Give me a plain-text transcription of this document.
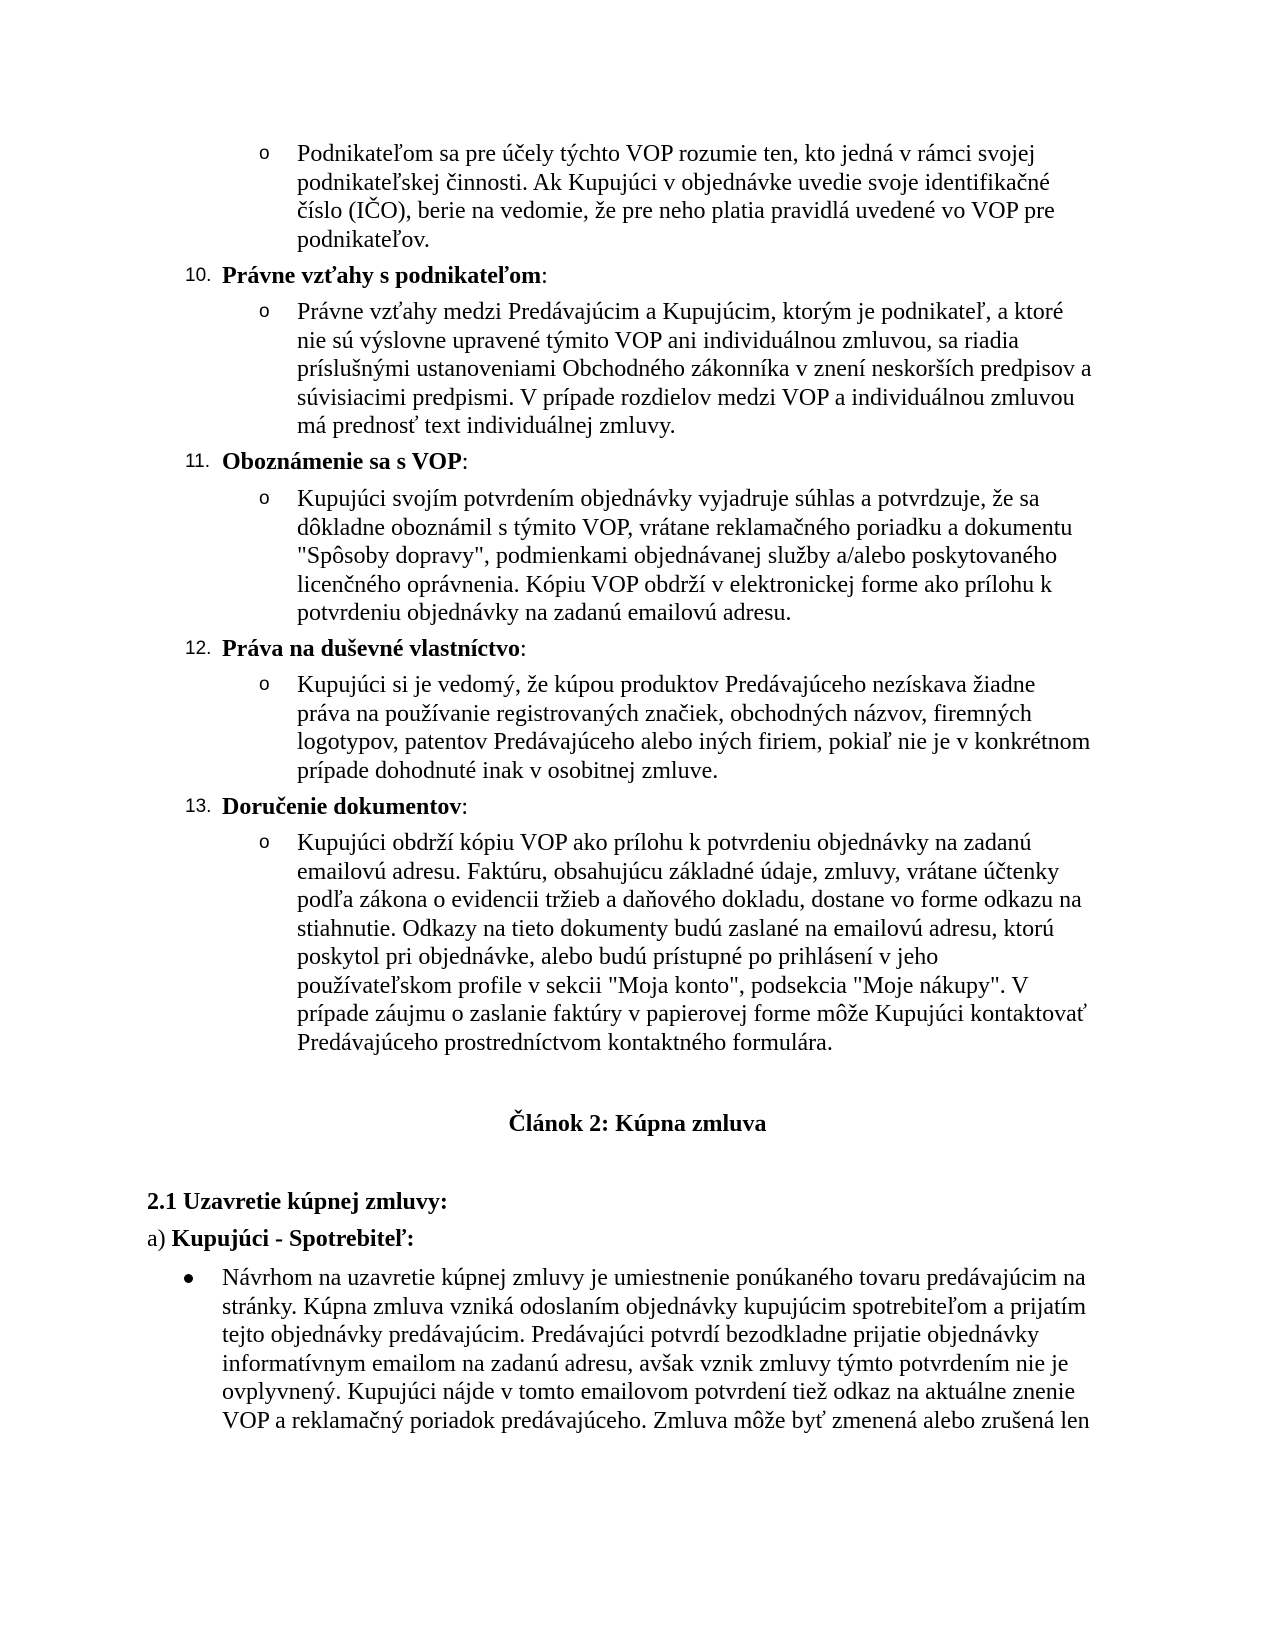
o Podnikateľom sa pre účely týchto VOP rozumie ten, kto jedná v rámci svojej
podnikateľskej činnosti. Ak Kupujúci v objednávke uvedie svoje identifikačné
číslo (IČO), berie na vedomie, že pre neho platia pravidlá uvedené vo VOP pre
podnikateľov.
10. Právne vzťahy s podnikateľom:
o Právne vzťahy medzi Predávajúcim a Kupujúcim, ktorým je podnikateľ, a ktoré
nie sú výslovne upravené týmito VOP ani individuálnou zmluvou, sa riadia
príslušnými ustanoveniami Obchodného zákonníka v znení neskorších predpisov a
súvisiacimi predpismi. V prípade rozdielov medzi VOP a individuálnou zmluvou
má prednosť text individuálnej zmluvy.
11. Oboznámenie sa s VOP:
o Kupujúci svojím potvrdením objednávky vyjadruje súhlas a potvrdzuje, že sa
dôkladne oboznámil s týmito VOP, vrátane reklamačného poriadku a dokumentu
"Spôsoby dopravy", podmienkami objednávanej služby a/alebo poskytovaného
licenčného oprávnenia. Kópiu VOP obdrží v elektronickej forme ako prílohu k
potvrdeniu objednávky na zadanú emailovú adresu.
12. Práva na duševné vlastníctvo:
o Kupujúci si je vedomý, že kúpou produktov Predávajúceho nezískava žiadne
práva na používanie registrovaných značiek, obchodných názvov, firemných
logotypov, patentov Predávajúceho alebo iných firiem, pokiaľ nie je v konkrétnom
prípade dohodnuté inak v osobitnej zmluve.
13. Doručenie dokumentov:
o Kupujúci obdrží kópiu VOP ako prílohu k potvrdeniu objednávky na zadanú
emailovú adresu. Faktúru, obsahujúcu základné údaje, zmluvy, vrátane účtenky
podľa zákona o evidencii tržieb a daňového dokladu, dostane vo forme odkazu na
stiahnutie. Odkazy na tieto dokumenty budú zaslané na emailovú adresu, ktorú
poskytol pri objednávke, alebo budú prístupné po prihlásení v jeho
používateľskom profile v sekcii "Moja konto", podsekcia "Moje nákupy". V
prípade záujmu o zaslanie faktúry v papierovej forme môže Kupujúci kontaktovať
Predávajúceho prostredníctvom kontaktného formulára.
Článok 2: Kúpna zmluva
2.1 Uzavretie kúpnej zmluvy:
a) Kupujúci - Spotrebiteľ:
Návrhom na uzavretie kúpnej zmluvy je umiestnenie ponúkaného tovaru predávajúcim na
stránky. Kúpna zmluva vzniká odoslaním objednávky kupujúcim spotrebiteľom a prijatím
tejto objednávky predávajúcim. Predávajúci potvrdí bezodkladne prijatie objednávky
informatívnym emailom na zadanú adresu, avšak vznik zmluvy týmto potvrdením nie je
ovplyvnený. Kupujúci nájde v tomto emailovom potvrdení tiež odkaz na aktuálne znenie
VOP a reklamačný poriadok predávajúceho. Zmluva môže byť zmenená alebo zrušená len
